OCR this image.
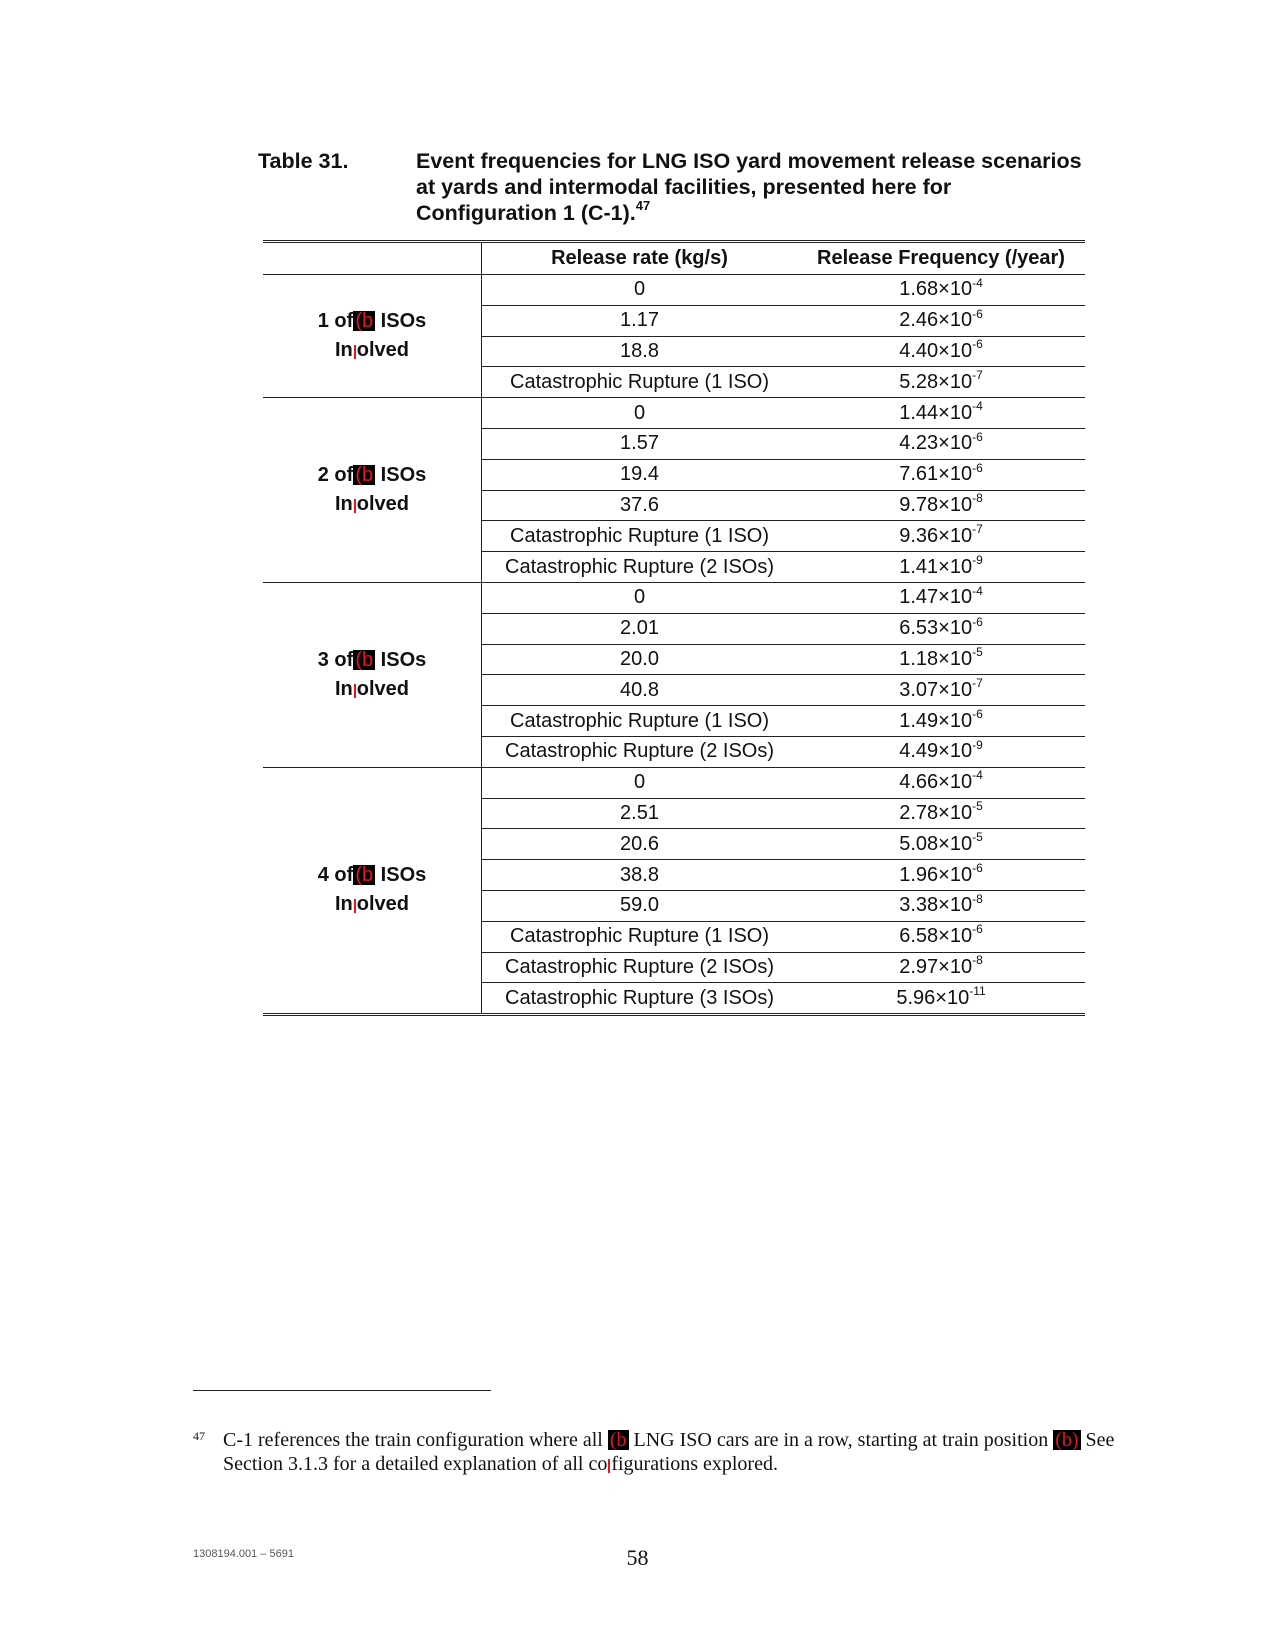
Table 31.	Event frequencies for LNG ISO yard movement release scenarios at yards and intermodal facilities, presented here for Configuration 1 (C-1).$^{47}$
	Release rate (kg/s)	Release Frequency (/year)
1 of (b ISOs
In olved	0	$1.68\times 10^{-4}$
	1.17	$2.46\times 10^{-6}$
	18.8	$4.40\times 10^{-6}$
	Catastrophic Rupture (1 ISO)	$5.28\times 10^{-7}$
2 of (b ISOs
In olved	0	$1.44\times 10^{-4}$
	1.57	$4.23\times 10^{-6}$
	19.4	$7.61\times 10^{-6}$
	37.6	$9.78\times 10^{-8}$
	Catastrophic Rupture (1 ISO)	$9.36\times 10^{-7}$
	Catastrophic Rupture (2 ISOs)	$1.41\times 10^{-9}$
3 of (b ISOs
In olved	0	$1.47\times 10^{-4}$
	2.01	$6.53\times 10^{-6}$
	20.0	$1.18\times 10^{-5}$
	40.8	$3.07\times 10^{-7}$
	Catastrophic Rupture (1 ISO)	$1.49\times 10^{-6}$
	Catastrophic Rupture (2 ISOs)	$4.49\times 10^{-9}$
4 of (b ISOs
In olved	0	$4.66\times 10^{-4}$
	2.51	$2.78\times 10^{-5}$
	20.6	$5.08\times 10^{-5}$
	38.8	$1.96\times 10^{-6}$
	59.0	$3.38\times 10^{-8}$
	Catastrophic Rupture (1 ISO)	$6.58\times 10^{-6}$
	Catastrophic Rupture (2 ISOs)	$2.97\times 10^{-8}$
	Catastrophic Rupture (3 ISOs)	$5.96\times 10^{-11}$
47 C-1 references the train configuration where all (b LNG ISO cars are in a row, starting at train position (b) See
Section 3.1.3 for a detailed explanation of all co figurations explored.
1308194.001 – 5691	58
